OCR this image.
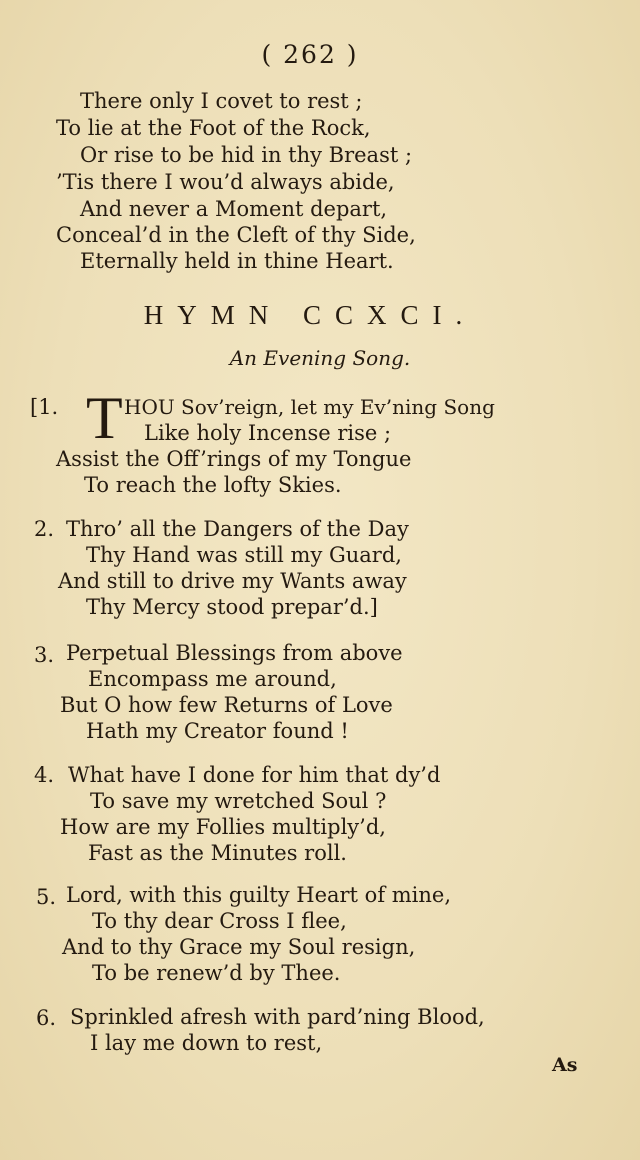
( 262 )
There only I covet to rest ;
To lie at the Foot of the Rock,
Or rise to be hid in thy Breast ;
’Tis there I wou’d always abide,
And never a Moment depart,
Conceal’d in the Cleft of thy Side,
Eternally held in thine Heart.
HYMN CCXCI.
An Evening Song.
[1. T HOU Sov’reign, let my Ev’ning Song
Like holy Incense rise ;
Assist the Off’rings of my Tongue
To reach the lofty Skies.
2. Thro’ all the Dangers of the Day
Thy Hand was still my Guard,
And still to drive my Wants away
Thy Mercy stood prepar’d.]
3. Perpetual Blessings from above
Encompass me around,
But O how few Returns of Love
Hath my Creator found !
4. What have I done for him that dy’d
To save my wretched Soul ?
How are my Follies multiply’d,
Fast as the Minutes roll.
5. Lord, with this guilty Heart of mine,
To thy dear Cross I flee,
And to thy Grace my Soul resign,
To be renew’d by Thee.
6. Sprinkled afresh with pard’ning Blood,
I lay me down to rest,
As
